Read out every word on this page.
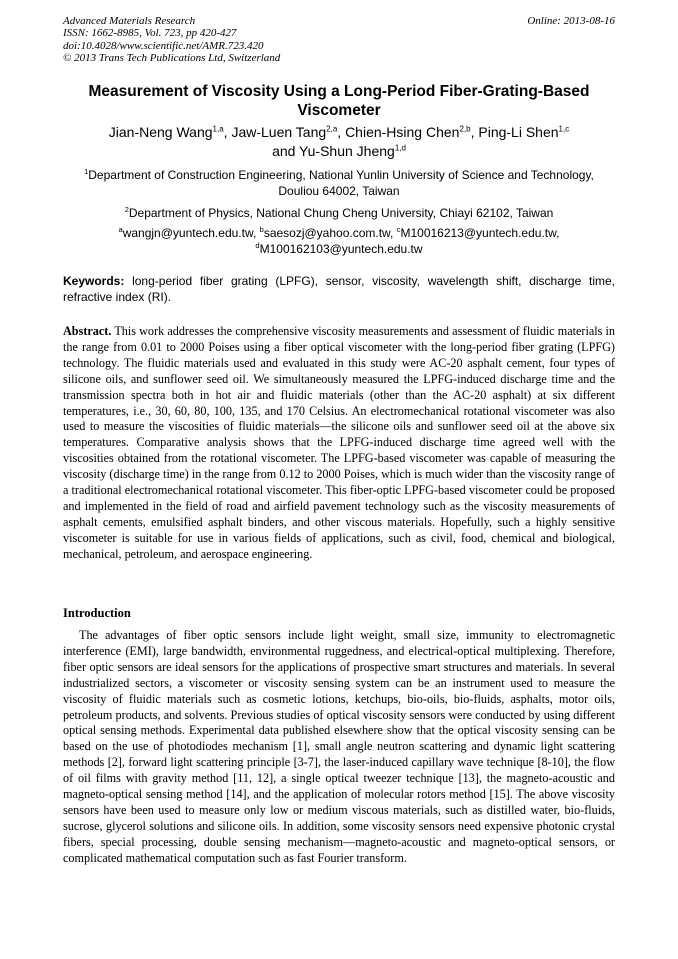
Advanced Materials Research
ISSN: 1662-8985, Vol. 723, pp 420-427
doi:10.4028/www.scientific.net/AMR.723.420
© 2013 Trans Tech Publications Ltd, Switzerland
Online: 2013-08-16
Measurement of Viscosity Using a Long-Period Fiber-Grating-Based Viscometer
Jian-Neng Wang$^{1,a}$, Jaw-Luen Tang$^{2,a}$, Chien-Hsing Chen$^{2,b}$, Ping-Li Shen$^{1,c}$
and Yu-Shun Jheng$^{1,d}$
$^1$Department of Construction Engineering, National Yunlin University of Science and Technology, Douliou 64002, Taiwan
$^2$Department of Physics, National Chung Cheng University, Chiayi 62102, Taiwan
$^a$wangjn@yuntech.edu.tw, $^b$saesozj@yahoo.com.tw, $^c$M10016213@yuntech.edu.tw,
$^d$M100162103@yuntech.edu.tw
Keywords: long-period fiber grating (LPFG), sensor, viscosity, wavelength shift, discharge time, refractive index (RI).
Abstract. This work addresses the comprehensive viscosity measurements and assessment of fluidic materials in the range from 0.01 to 2000 Poises using a fiber optical viscometer with the long-period fiber grating (LPFG) technology. The fluidic materials used and evaluated in this study were AC-20 asphalt cement, four types of silicone oils, and sunflower seed oil. We simultaneously measured the LPFG-induced discharge time and the transmission spectra both in hot air and fluidic materials (other than the AC-20 asphalt) at six different temperatures, i.e., 30, 60, 80, 100, 135, and 170 Celsius. An electromechanical rotational viscometer was also used to measure the viscosities of fluidic materials—the silicone oils and sunflower seed oil at the above six temperatures. Comparative analysis shows that the LPFG-induced discharge time agreed well with the viscosities obtained from the rotational viscometer. The LPFG-based viscometer was capable of measuring the viscosity (discharge time) in the range from 0.12 to 2000 Poises, which is much wider than the viscosity range of a traditional electromechanical rotational viscometer. This fiber-optic LPFG-based viscometer could be proposed and implemented in the field of road and airfield pavement technology such as the viscosity measurements of asphalt cements, emulsified asphalt binders, and other viscous materials. Hopefully, such a highly sensitive viscometer is suitable for use in various fields of applications, such as civil, food, chemical and biological, mechanical, petroleum, and aerospace engineering.
Introduction
The advantages of fiber optic sensors include light weight, small size, immunity to electromagnetic interference (EMI), large bandwidth, environmental ruggedness, and electrical-optical multiplexing. Therefore, fiber optic sensors are ideal sensors for the applications of prospective smart structures and materials. In several industrialized sectors, a viscometer or viscosity sensing system can be an instrument used to measure the viscosity of fluidic materials such as cosmetic lotions, ketchups, bio-oils, bio-fluids, asphalts, motor oils, petroleum products, and solvents. Previous studies of optical viscosity sensors were conducted by using different optical sensing methods. Experimental data published elsewhere show that the optical viscosity sensing can be based on the use of photodiodes mechanism [1], small angle neutron scattering and dynamic light scattering methods [2], forward light scattering principle [3-7], the laser-induced capillary wave technique [8-10], the flow of oil films with gravity method [11, 12], a single optical tweezer technique [13], the magneto-acoustic and magneto-optical sensing method [14], and the application of molecular rotors method [15]. The above viscosity sensors have been used to measure only low or medium viscous materials, such as distilled water, bio-fluids, sucrose, glycerol solutions and silicone oils. In addition, some viscosity sensors need expensive photonic crystal fibers, special processing, double sensing mechanism—magneto-acoustic and magneto-optical sensors, or complicated mathematical computation such as fast Fourier transform.
